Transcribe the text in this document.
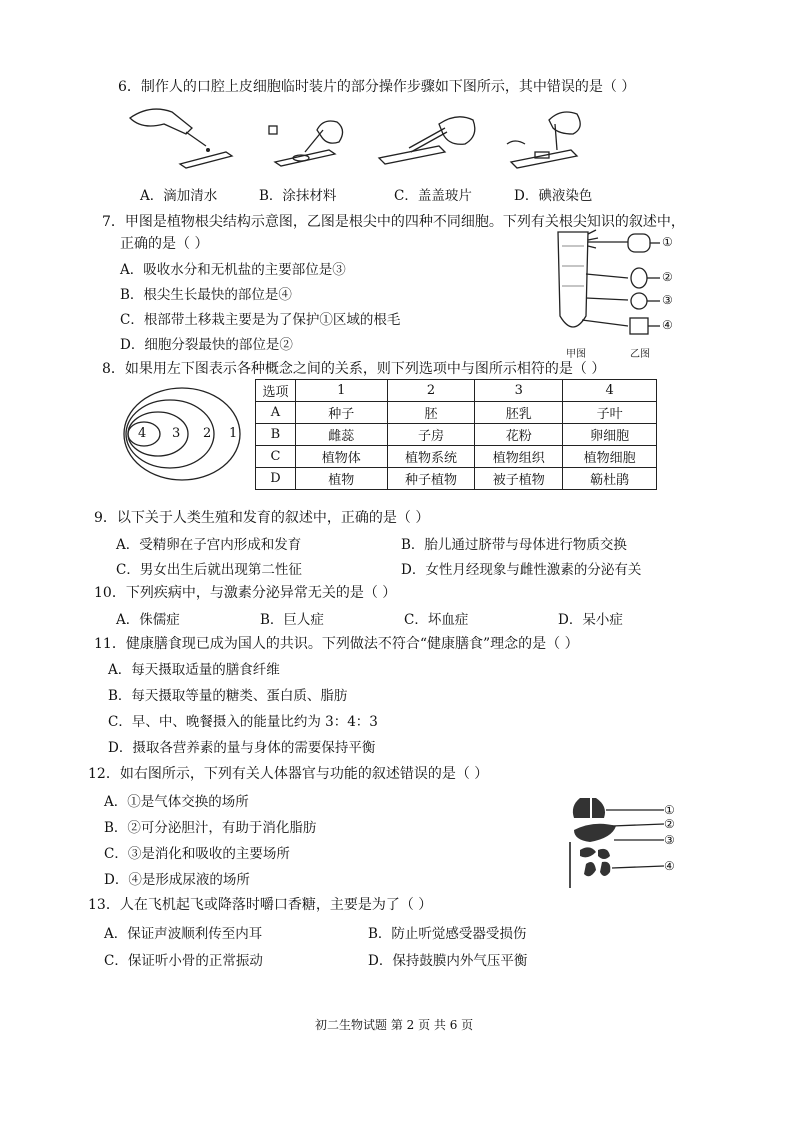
6．制作人的口腔上皮细胞临时装片的部分操作步骤如下图所示，其中错误的是（ ）
A．滴加清水	B．涂抹材料	C．盖盖玻片	D．碘液染色
7．甲图是植物根尖结构示意图，乙图是根尖中的四种不同细胞。下列有关根尖知识的叙述中，
正确的是（ ）
A．吸收水分和无机盐的主要部位是③
B．根尖生长最快的部位是④
C．根部带土移栽主要是为了保护①区域的根毛
D．细胞分裂最快的部位是②
①
②
③
④
甲图	乙图
8．如果用左下图表示各种概念之间的关系，则下列选项中与图所示相符的是（ ）
4 3 2 1
选项	1	2	3	4
A	种子	胚	胚乳	子叶
B	雌蕊	子房	花粉	卵细胞
C	植物体	植物系统	植物组织	植物细胞
D	植物	种子植物	被子植物	簕杜鹃
9．以下关于人类生殖和发育的叙述中，正确的是（ ）
A．受精卵在子宫内形成和发育	B．胎儿通过脐带与母体进行物质交换
C．男女出生后就出现第二性征	D．女性月经现象与雌性激素的分泌有关
10．下列疾病中，与激素分泌异常无关的是（ ）
A．侏儒症	B．巨人症	C．坏血症	D．呆小症
11．健康膳食现已成为国人的共识。下列做法不符合“健康膳食”理念的是（ ）
A．每天摄取适量的膳食纤维
B．每天摄取等量的糖类、蛋白质、脂肪
C．早、中、晚餐摄入的能量比约为 3：4：3
D．摄取各营养素的量与身体的需要保持平衡
12．如右图所示，下列有关人体器官与功能的叙述错误的是（ ）
A．①是气体交换的场所
B．②可分泌胆汁，有助于消化脂肪
C．③是消化和吸收的主要场所
D．④是形成尿液的场所
①
②
③
④
13．人在飞机起飞或降落时嚼口香糖，主要是为了（ ）
A．保证声波顺利传至内耳	B．防止听觉感受器受损伤
C．保证听小骨的正常振动	D．保持鼓膜内外气压平衡
初二生物试题 第 2 页 共 6 页
